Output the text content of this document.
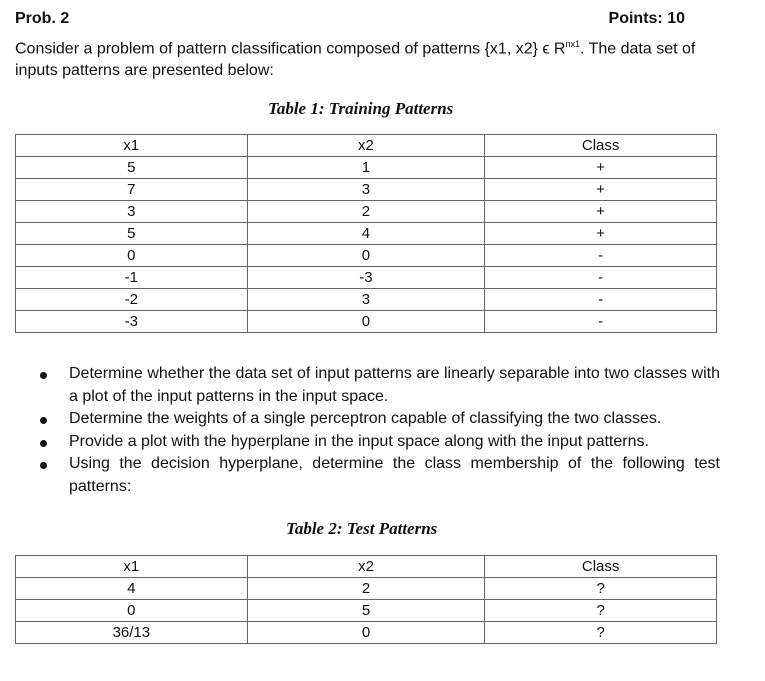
Prob. 2	Points: 10
Consider a problem of pattern classification composed of patterns {x1, x2} ϵ $R^{nx1}$. The data set of
inputs patterns are presented below:
Table 1: Training Patterns
x1	x2	Class
5	1	+
7	3	+
3	2	+
5	4	+
0	0	-
-1	-3	-
-2	3	-
-3	0	-
Determine whether the data set of input patterns are linearly separable into two classes with a plot of the input patterns in the input space.
Determine the weights of a single perceptron capable of classifying the two classes.
Provide a plot with the hyperplane in the input space along with the input patterns.
Using the decision hyperplane, determine the class membership of the following test patterns:
Table 2: Test Patterns
x1	x2	Class
4	2	?
0	5	?
36/13	0	?
